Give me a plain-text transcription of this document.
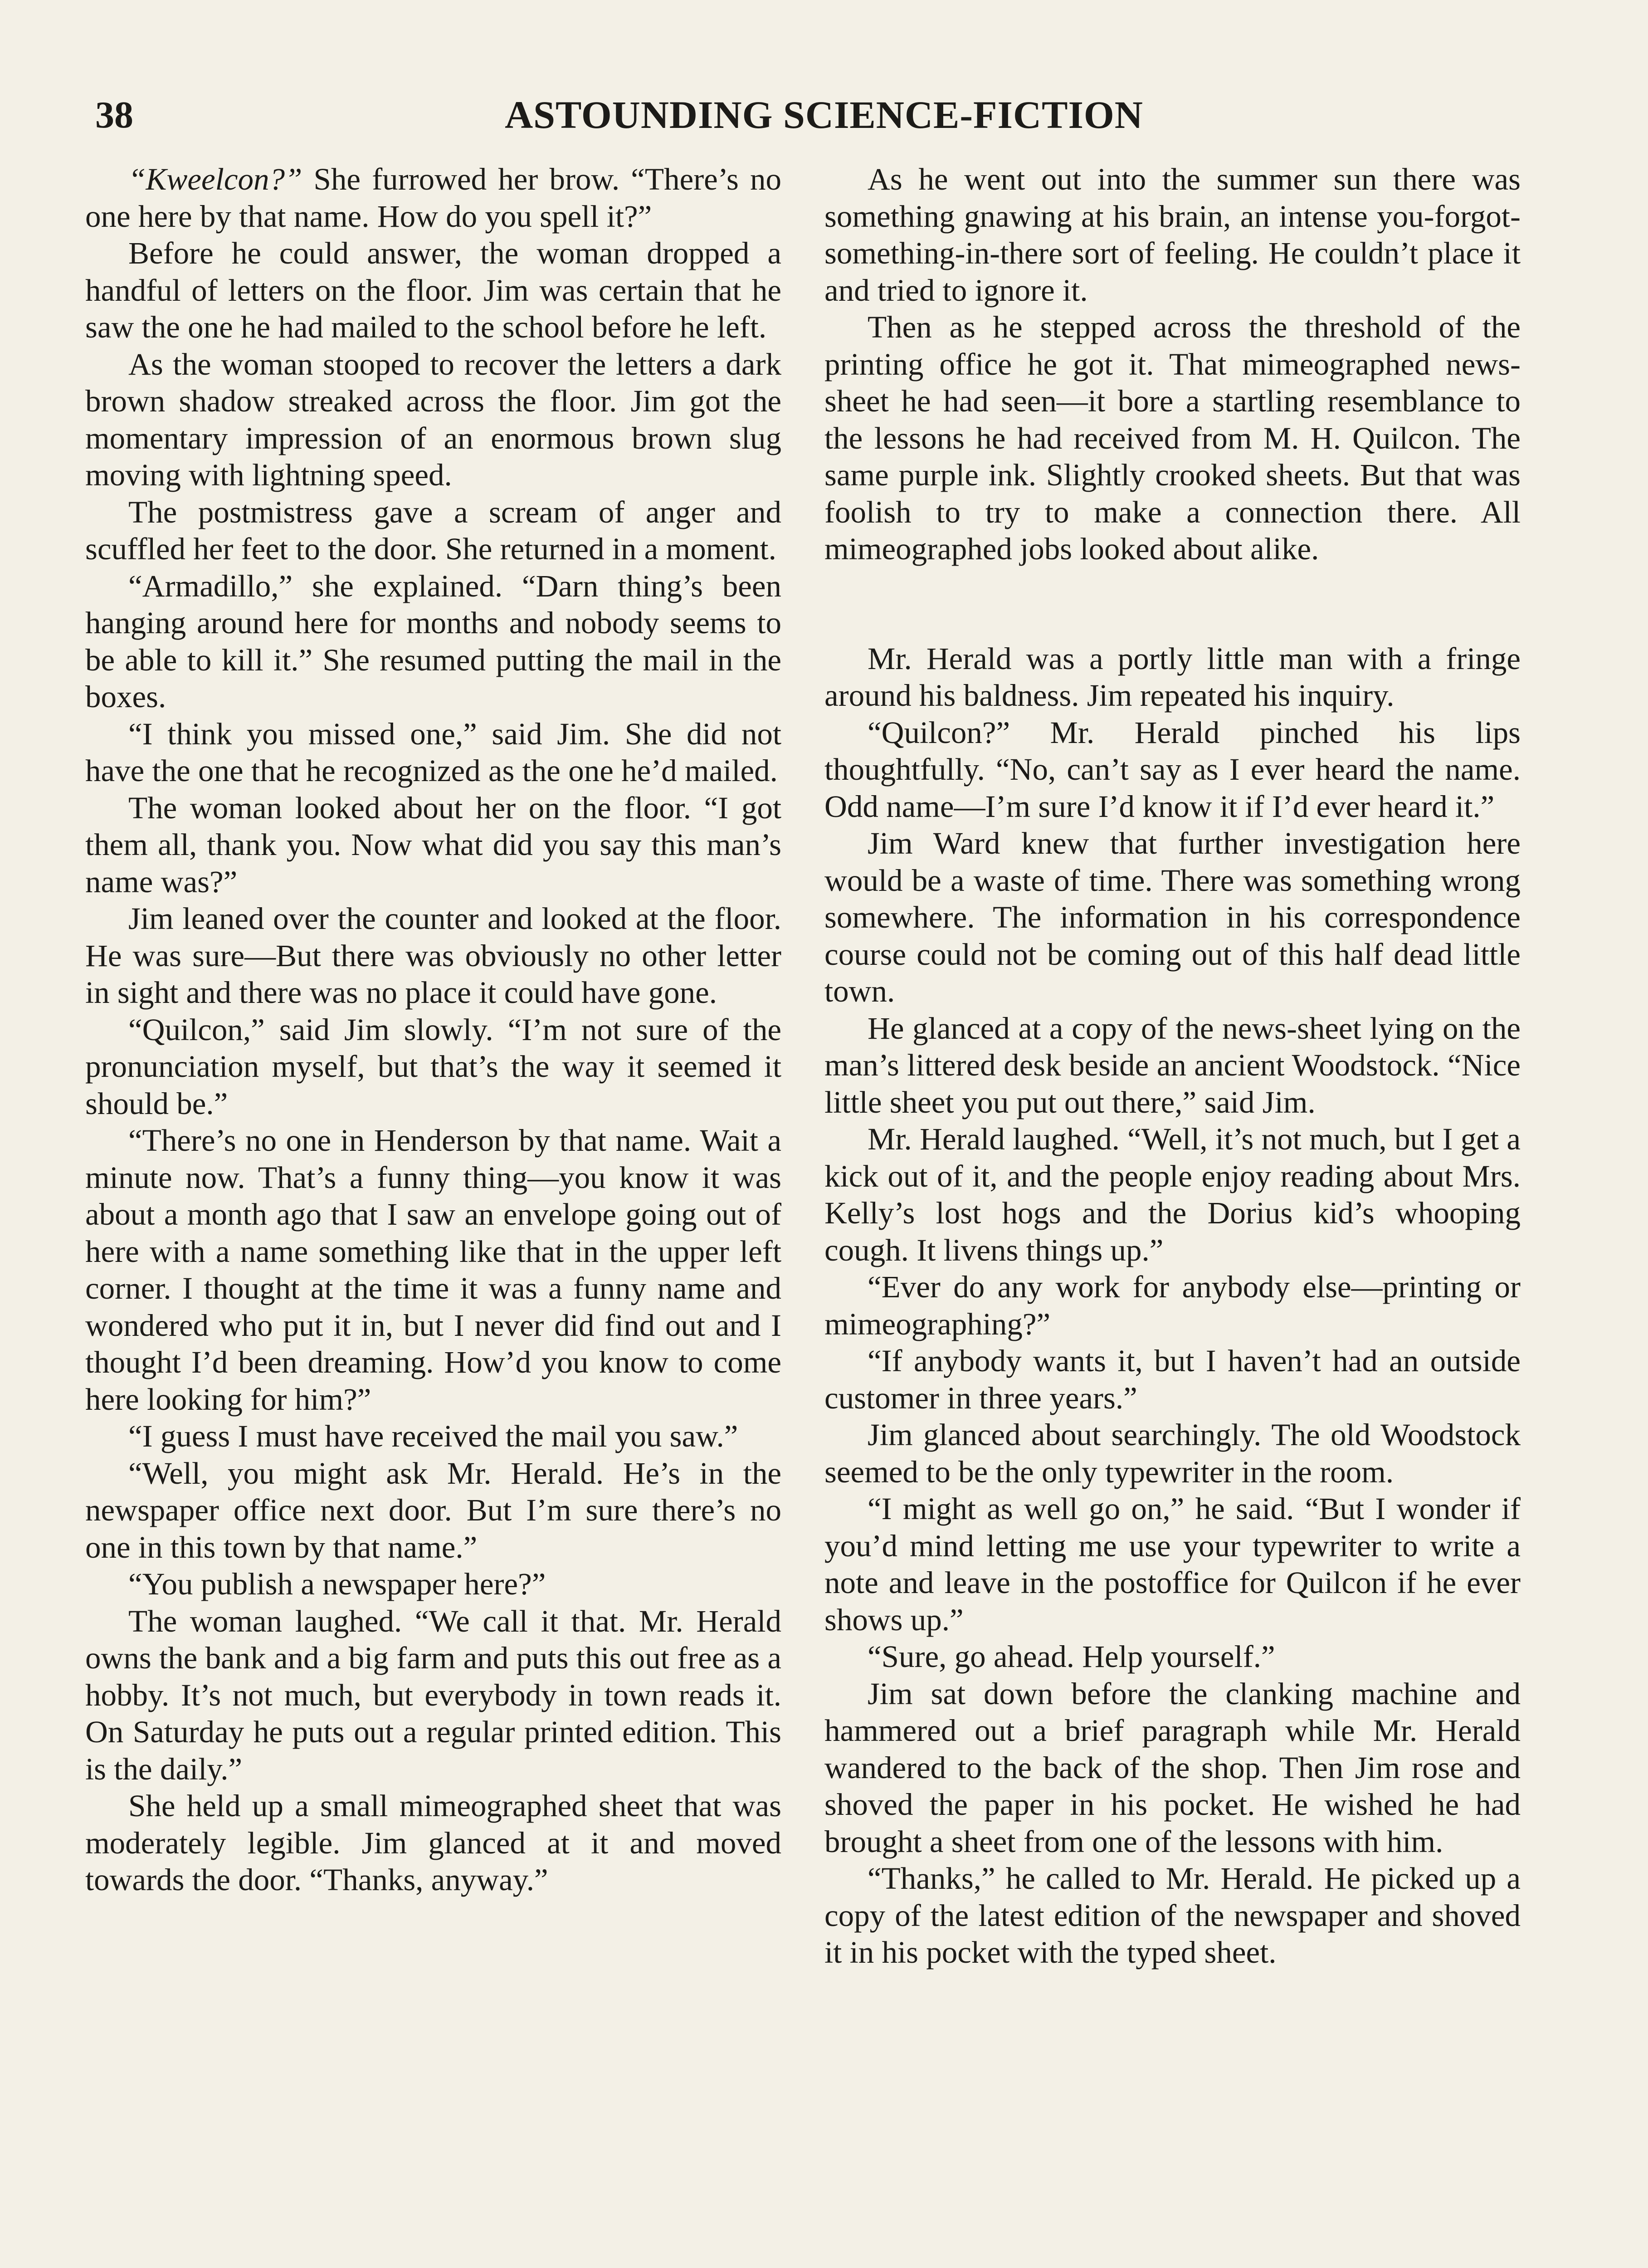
38	ASTOUNDING SCIENCE-FICTION

“Kweelcon?” She furrowed her brow. “There’s no one here by that name. How do you spell it?”

Before he could answer, the woman dropped a handful of letters on the floor. Jim was certain that he saw the one he had mailed to the school before he left.

As the woman stooped to recover the letters a dark brown shadow streaked across the floor. Jim got the momentary impression of an enormous brown slug moving with lightning speed.

The postmistress gave a scream of anger and scuffled her feet to the door. She returned in a moment.

“Armadillo,” she explained. “Darn thing’s been hanging around here for months and nobody seems to be able to kill it.” She resumed putting the mail in the boxes.

“I think you missed one,” said Jim. She did not have the one that he recognized as the one he’d mailed.

The woman looked about her on the floor. “I got them all, thank you. Now what did you say this man’s name was?”

Jim leaned over the counter and looked at the floor. He was sure—But there was obviously no other letter in sight and there was no place it could have gone.

“Quilcon,” said Jim slowly. “I’m not sure of the pronunciation myself, but that’s the way it seemed it should be.”

“There’s no one in Henderson by that name. Wait a minute now. That’s a funny thing—you know it was about a month ago that I saw an envelope going out of here with a name something like that in the upper left corner. I thought at the time it was a funny name and wondered who put it in, but I never did find out and I thought I’d been dreaming. How’d you know to come here looking for him?”

“I guess I must have received the mail you saw.”

“Well, you might ask Mr. Herald. He’s in the newspaper office next door. But I’m sure there’s no one in this town by that name.”

“You publish a newspaper here?”

The woman laughed. “We call it that. Mr. Herald owns the bank and a big farm and puts this out free as a hobby. It’s not much, but everybody in town reads it. On Saturday he puts out a regular printed edition. This is the daily.”

She held up a small mimeographed sheet that was moderately legible. Jim glanced at it and moved towards the door. “Thanks, anyway.”

As he went out into the summer sun there was something gnawing at his brain, an intense you-forgot-something-in-there sort of feeling. He couldn’t place it and tried to ignore it.

Then as he stepped across the threshold of the printing office he got it. That mimeographed news-sheet he had seen—it bore a startling resemblance to the lessons he had received from M. H. Quilcon. The same purple ink. Slightly crooked sheets. But that was foolish to try to make a connection there. All mimeographed jobs looked about alike.

Mr. Herald was a portly little man with a fringe around his baldness. Jim repeated his inquiry.

“Quilcon?” Mr. Herald pinched his lips thoughtfully. “No, can’t say as I ever heard the name. Odd name—I’m sure I’d know it if I’d ever heard it.”

Jim Ward knew that further investigation here would be a waste of time. There was something wrong somewhere. The information in his correspondence course could not be coming out of this half dead little town.

He glanced at a copy of the news-sheet lying on the man’s littered desk beside an ancient Woodstock. “Nice little sheet you put out there,” said Jim.

Mr. Herald laughed. “Well, it’s not much, but I get a kick out of it, and the people enjoy reading about Mrs. Kelly’s lost hogs and the Dorius kid’s whooping cough. It livens things up.”

“Ever do any work for anybody else—printing or mimeographing?”

“If anybody wants it, but I haven’t had an outside customer in three years.”

Jim glanced about searchingly. The old Woodstock seemed to be the only typewriter in the room.

“I might as well go on,” he said. “But I wonder if you’d mind letting me use your typewriter to write a note and leave in the postoffice for Quilcon if he ever shows up.”

“Sure, go ahead. Help yourself.”

Jim sat down before the clanking machine and hammered out a brief paragraph while Mr. Herald wandered to the back of the shop. Then Jim rose and shoved the paper in his pocket. He wished he had brought a sheet from one of the lessons with him.

“Thanks,” he called to Mr. Herald. He picked up a copy of the latest edition of the newspaper and shoved it in his pocket with the typed sheet.
